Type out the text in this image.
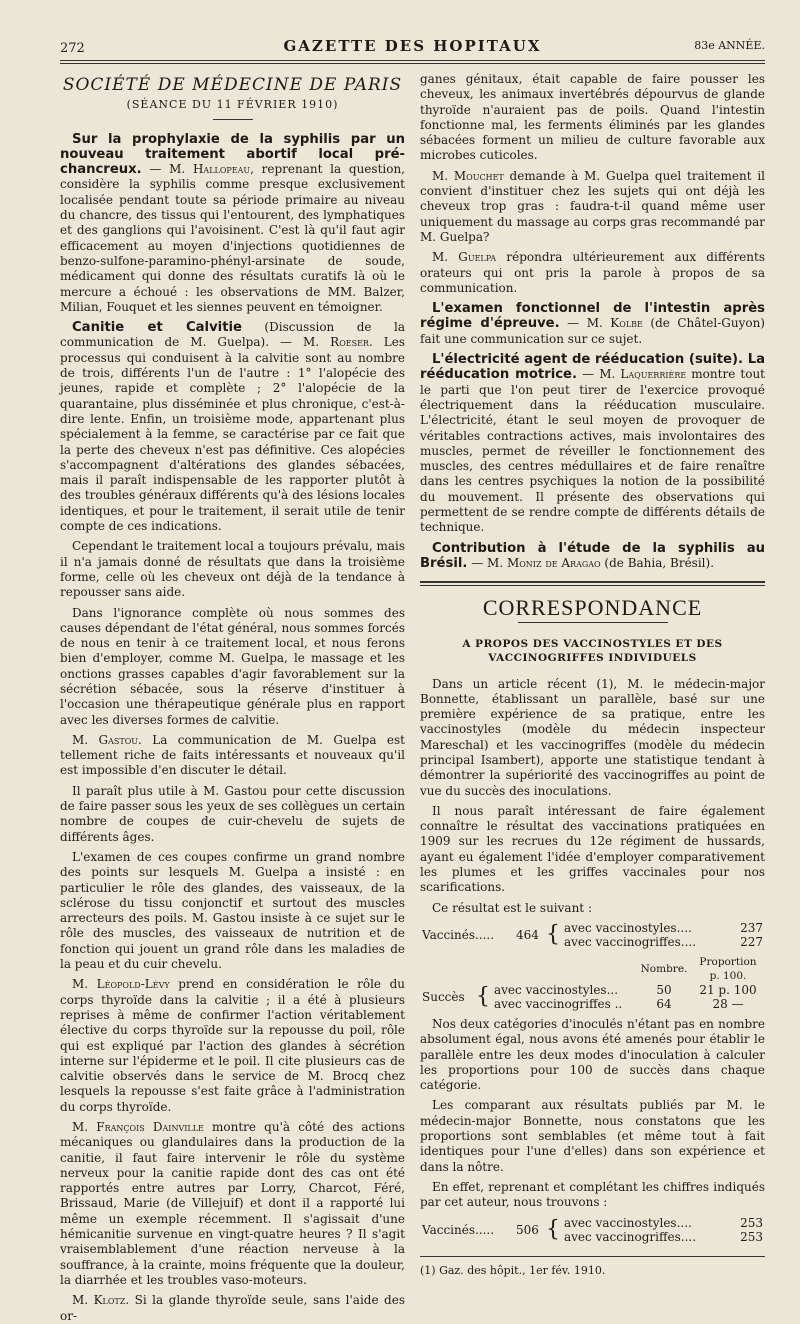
272	GAZETTE DES HOPITAUX	83e ANNÉE.
SOCIÉTÉ DE MÉDECINE DE PARIS
(SÉANCE DU 11 FÉVRIER 1910)

Sur la prophylaxie de la syphilis par un nouveau traitement abortif local pré-chancreux. — M. Hallopeau, reprenant la question, considère la syphilis comme presque exclusivement localisée pendant toute sa période primaire au niveau du chancre, des tissus qui l'entourent, des lymphatiques et des ganglions qui l'avoisinent. C'est là qu'il faut agir efficacement au moyen d'injections quotidiennes de benzo-sulfone-paramino-phényl-arsinate de soude, médicament qui donne des résultats curatifs là où le mercure a échoué : les observations de MM. Balzer, Milian, Fouquet et les siennes peuvent en témoigner.

Canitie et Calvitie (Discussion de la communication de M. Guelpa). — M. Roeser. Les processus qui conduisent à la calvitie sont au nombre de trois, différents l'un de l'autre : 1° l'alopécie des jeunes, rapide et complète ; 2° l'alopécie de la quarantaine, plus disséminée et plus chronique, c'est-à-dire lente. Enfin, un troisième mode, appartenant plus spécialement à la femme, se caractérise par ce fait que la perte des cheveux n'est pas définitive. Ces alopécies s'accompagnent d'altérations des glandes sébacées, mais il paraît indispensable de les rapporter plutôt à des troubles généraux différents qu'à des lésions locales identiques, et pour le traitement, il serait utile de tenir compte de ces indications.

Cependant le traitement local a toujours prévalu, mais il n'a jamais donné de résultats que dans la troisième forme, celle où les cheveux ont déjà de la tendance à repousser sans aide.

Dans l'ignorance complète où nous sommes des causes dépendant de l'état général, nous sommes forcés de nous en tenir à ce traitement local, et nous ferons bien d'employer, comme M. Guelpa, le massage et les onctions grasses capables d'agir favorablement sur la sécrétion sébacée, sous la réserve d'instituer à l'occasion une thérapeutique générale plus en rapport avec les diverses formes de calvitie.

M. Gastou. La communication de M. Guelpa est tellement riche de faits intéressants et nouveaux qu'il est impossible d'en discuter le détail.

Il paraît plus utile à M. Gastou pour cette discussion de faire passer sous les yeux de ses collègues un certain nombre de coupes de cuir-chevelu de sujets de différents âges.

L'examen de ces coupes confirme un grand nombre des points sur lesquels M. Guelpa a insisté : en particulier le rôle des glandes, des vaisseaux, de la sclérose du tissu conjonctif et surtout des muscles arrecteurs des poils. M. Gastou insiste à ce sujet sur le rôle des muscles, des vaisseaux de nutrition et de fonction qui jouent un grand rôle dans les maladies de la peau et du cuir chevelu.

M. Léopold-Lévy prend en considération le rôle du corps thyroïde dans la calvitie ; il a été à plusieurs reprises à même de confirmer l'action véritablement élective du corps thyroïde sur la repousse du poil, rôle qui est expliqué par l'action des glandes à sécrétion interne sur l'épiderme et le poil. Il cite plusieurs cas de calvitie observés dans le service de M. Brocq chez lesquels la repousse s'est faite grâce à l'administration du corps thyroïde.

M. François Dainville montre qu'à côté des actions mécaniques ou glandulaires dans la production de la canitie, il faut faire intervenir le rôle du système nerveux pour la canitie rapide dont des cas ont été rapportés entre autres par Lorry, Charcot, Féré, Brissaud, Marie (de Villejuif) et dont il a rapporté lui même un exemple récemment. Il s'agissait d'une hémicanitie survenue en vingt-quatre heures ? Il s'agit vraisemblablement d'une réaction nerveuse à la souffrance, à la crainte, moins fréquente que la douleur, la diarrhée et les troubles vaso-moteurs.

M. Klotz. Si la glande thyroïde seule, sans l'aide des or-

ganes génitaux, était capable de faire pousser les cheveux, les animaux invertébrés dépourvus de glande thyroïde n'auraient pas de poils. Quand l'intestin fonctionne mal, les ferments éliminés par les glandes sébacées forment un milieu de culture favorable aux microbes cuticoles.

M. Mouchet demande à M. Guelpa quel traitement il convient d'instituer chez les sujets qui ont déjà les cheveux trop gras : faudra-t-il quand même user uniquement du massage au corps gras recommandé par M. Guelpa?

M. Guelpa répondra ultérieurement aux différents orateurs qui ont pris la parole à propos de sa communication.

L'examen fonctionnel de l'intestin après régime d'épreuve. — M. Kolbe (de Châtel-Guyon) fait une communication sur ce sujet.

L'électricité agent de rééducation (suite). La rééducation motrice. — M. Laquerrière montre tout le parti que l'on peut tirer de l'exercice provoqué électriquement dans la rééducation musculaire. L'électricité, étant le seul moyen de provoquer de véritables contractions actives, mais involontaires des muscles, permet de réveiller le fonctionnement des muscles, des centres médullaires et de faire renaître dans les centres psychiques la notion de la possibilité du mouvement. Il présente des observations qui permettent de se rendre compte de différents détails de technique.

Contribution à l'étude de la syphilis au Brésil. — M. Moniz de Aragao (de Bahia, Brésil).

CORRESPONDANCE
A PROPOS DES VACCINOSTYLES ET DES VACCINOGRIFFES INDIVIDUELS

Dans un article récent (1), M. le médecin-major Bonnette, établissant un parallèle, basé sur une première expérience de sa pratique, entre les vaccinostyles (modèle du médecin inspecteur Mareschal) et les vaccinogriffes (modèle du médecin principal Isambert), apporte une statistique tendant à démontrer la supériorité des vaccinogriffes au point de vue du succès des inoculations.

Il nous paraît intéressant de faire également connaître le résultat des vaccinations pratiquées en 1909 sur les recrues du 12e régiment de hussards, ayant eu également l'idée d'employer comparativement les plumes et les griffes vaccinales pour nos scarifications.

Ce résultat est le suivant :

Vaccinés.....	464	{	avec vaccinostyles....	237
			avec vaccinogriffes....	227
			Nombre.	Proportion p. 100.
Succès	{	avec vaccinostyles...	50	21 p. 100
		avec vaccinogriffes ..	64	28 —

Nos deux catégories d'inoculés n'étant pas en nombre absolument égal, nous avons été amenés pour établir le parallèle entre les deux modes d'inoculation à calculer les proportions pour 100 de succès dans chaque catégorie.

Les comparant aux résultats publiés par M. le médecin-major Bonnette, nous constatons que les proportions sont semblables (et même tout à fait identiques pour l'une d'elles) dans son expérience et dans la nôtre.

En effet, reprenant et complétant les chiffres indiqués par cet auteur, nous trouvons :

Vaccinés.....	506	{	avec vaccinostyles....	253
			avec vaccinogriffes....	253

(1) Gaz. des hôpit., 1er fév. 1910.
